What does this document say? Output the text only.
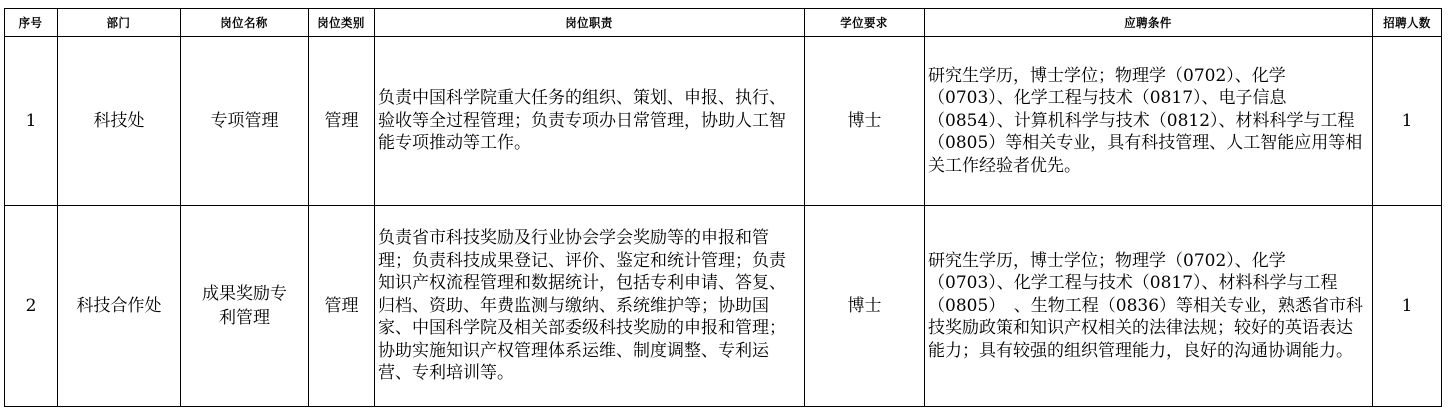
序号	部门	岗位名称	岗位类别	岗位职责	学位要求	应聘条件	招聘人数
1	科技处	专项管理	管理	负责中国科学院重大任务的组织、策划、申报、执行、验收等全过程管理；负责专项办日常管理，协助人工智能专项推动等工作。	博士	研究生学历，博士学位；物理学（0702）、化学（0703）、化学工程与技术（0817）、电子信息（0854）、计算机科学与技术（0812）、材料科学与工程（0805）等相关专业，具有科技管理、人工智能应用等相关工作经验者优先。	1
2	科技合作处	成果奖励专利管理	管理	负责省市科技奖励及行业协会学会奖励等的申报和管理；负责科技成果登记、评价、鉴定和统计管理；负责知识产权流程管理和数据统计，包括专利申请、答复、归档、资助、年费监测与缴纳、系统维护等；协助国家、中国科学院及相关部委级科技奖励的申报和管理；协助实施知识产权管理体系运维、制度调整、专利运营、专利培训等。	博士	研究生学历，博士学位；物理学（0702）、化学（0703）、化学工程与技术（0817）、材料科学与工程（0805）　、生物工程（0836）等相关专业，熟悉省市科技奖励政策和知识产权相关的法律法规；较好的英语表达能力；具有较强的组织管理能力，良好的沟通协调能力。	1
